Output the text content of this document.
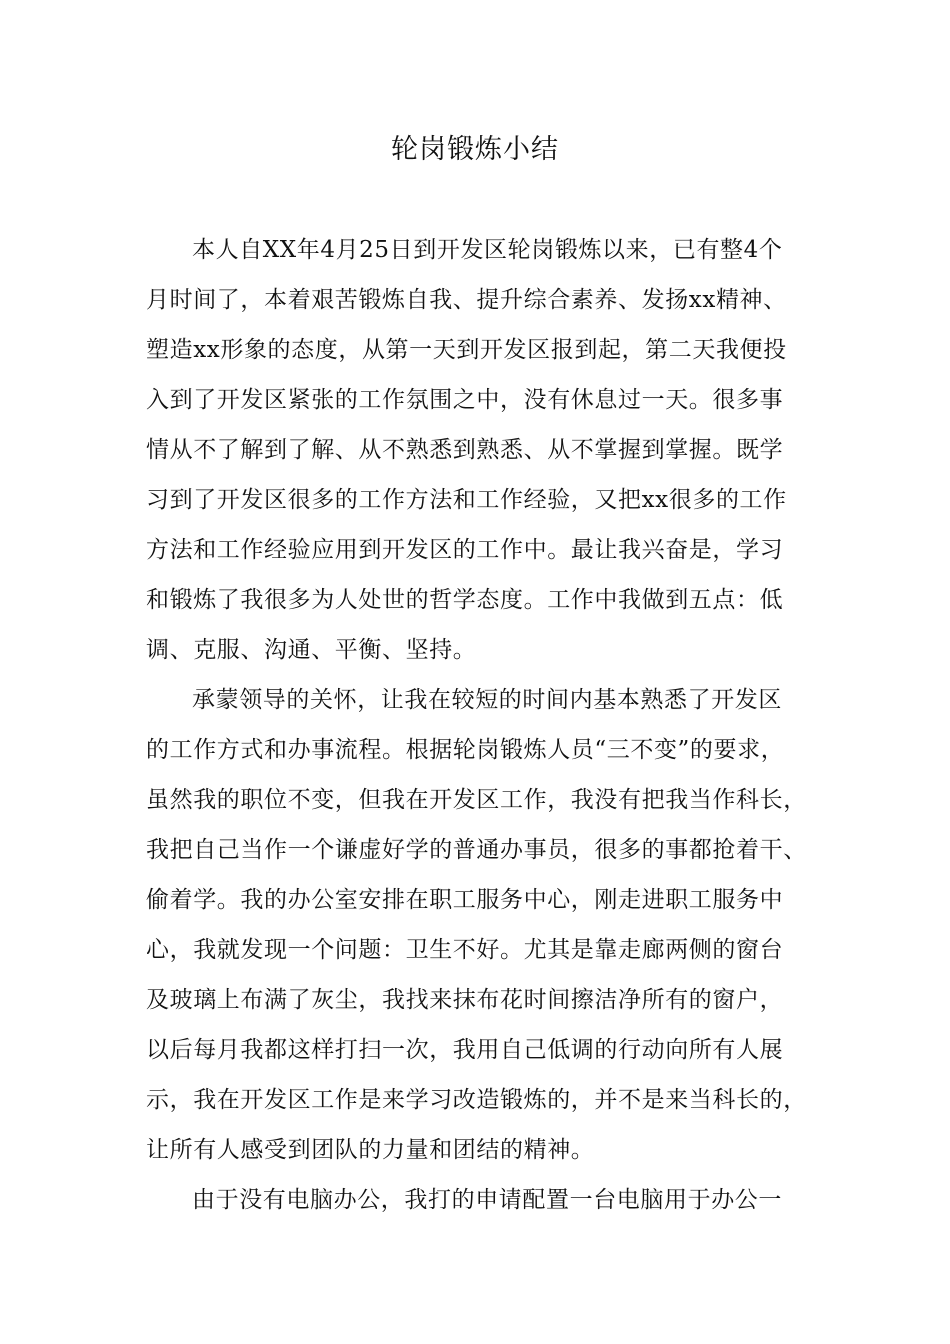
轮岗锻炼小结
本人自XX年4月25日到开发区轮岗锻炼以来，已有整4个
月时间了，本着艰苦锻炼自我、提升综合素养、发扬xx精神、
塑造xx形象的态度，从第一天到开发区报到起，第二天我便投
入到了开发区紧张的工作氛围之中，没有休息过一天。很多事
情从不了解到了解、从不熟悉到熟悉、从不掌握到掌握。既学
习到了开发区很多的工作方法和工作经验，又把xx很多的工作
方法和工作经验应用到开发区的工作中。最让我兴奋是，学习
和锻炼了我很多为人处世的哲学态度。工作中我做到五点：低
调、克服、沟通、平衡、坚持。
承蒙领导的关怀，让我在较短的时间内基本熟悉了开发区
的工作方式和办事流程。根据轮岗锻炼人员“三不变”的要求，
虽然我的职位不变，但我在开发区工作，我没有把我当作科长，
我把自己当作一个谦虚好学的普通办事员，很多的事都抢着干、
偷着学。我的办公室安排在职工服务中心，刚走进职工服务中
心，我就发现一个问题：卫生不好。尤其是靠走廊两侧的窗台
及玻璃上布满了灰尘，我找来抹布花时间擦洁净所有的窗户，
以后每月我都这样打扫一次，我用自己低调的行动向所有人展
示，我在开发区工作是来学习改造锻炼的，并不是来当科长的，
让所有人感受到团队的力量和团结的精神。
由于没有电脑办公，我打的申请配置一台电脑用于办公一
